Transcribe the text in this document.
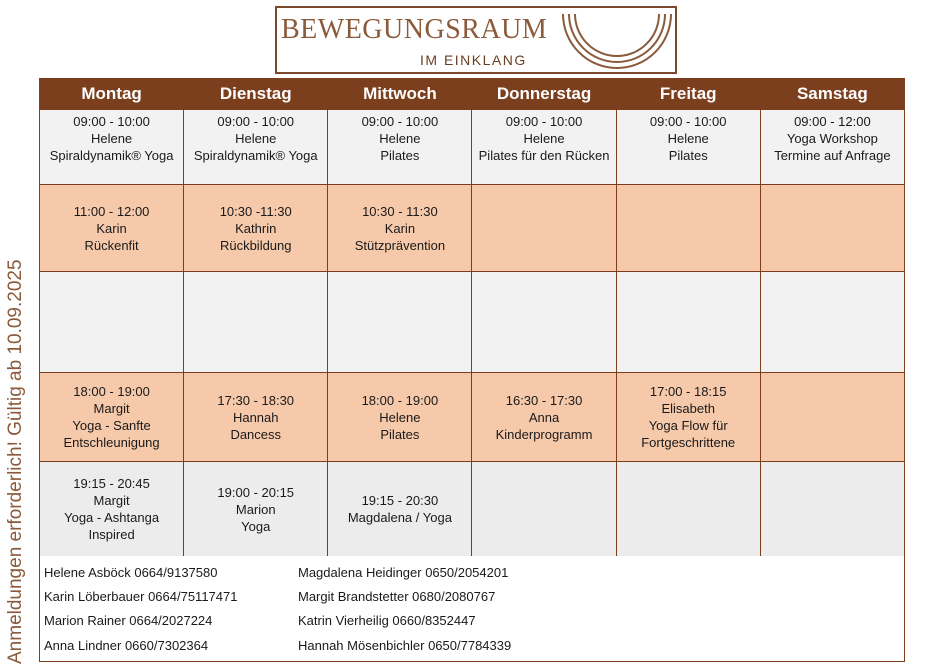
BEWEGUNGSRAUM
IM EINKLANG
Anmeldungen erforderlich! Gültig ab 10.09.2025
Montag	Dienstag	Mittwoch	Donnerstag	Freitag	Samstag

09:00 - 10:00
Helene
Spiraldynamik® Yoga	09:00 - 10:00
Helene
Spiraldynamik® Yoga	09:00 - 10:00
Helene
Pilates	09:00 - 10:00
Helene
Pilates für den Rücken	09:00 - 10:00
Helene
Pilates	09:00 - 12:00
Yoga Workshop
Termine auf Anfrage

11:00 - 12:00
Karin
Rückenfit	10:30 -11:30
Kathrin
Rückbildung	10:30 - 11:30
Karin
Stützprävention			

18:00 - 19:00
Margit
Yoga - Sanfte
Entschleunigung	17:30 - 18:30
Hannah
Dancess	18:00 - 19:00
Helene
Pilates	16:30 - 17:30
Anna
Kinderprogramm	17:00 - 18:15
Elisabeth
Yoga Flow für
Fortgeschrittene	

19:15 - 20:45
Margit
Yoga - Ashtanga
Inspired	19:00 - 20:15
Marion
Yoga	19:15 - 20:30
Magdalena / Yoga			

Helene Asböck 0664/9137580
Karin Löberbauer 0664/75117471
Marion Rainer 0664/2027224
Anna Lindner 0660/7302364
Magdalena Heidinger 0650/2054201
Margit Brandstetter 0680/2080767
Katrin Vierheilig 0660/8352447
Hannah Mösenbichler 0650/7784339
